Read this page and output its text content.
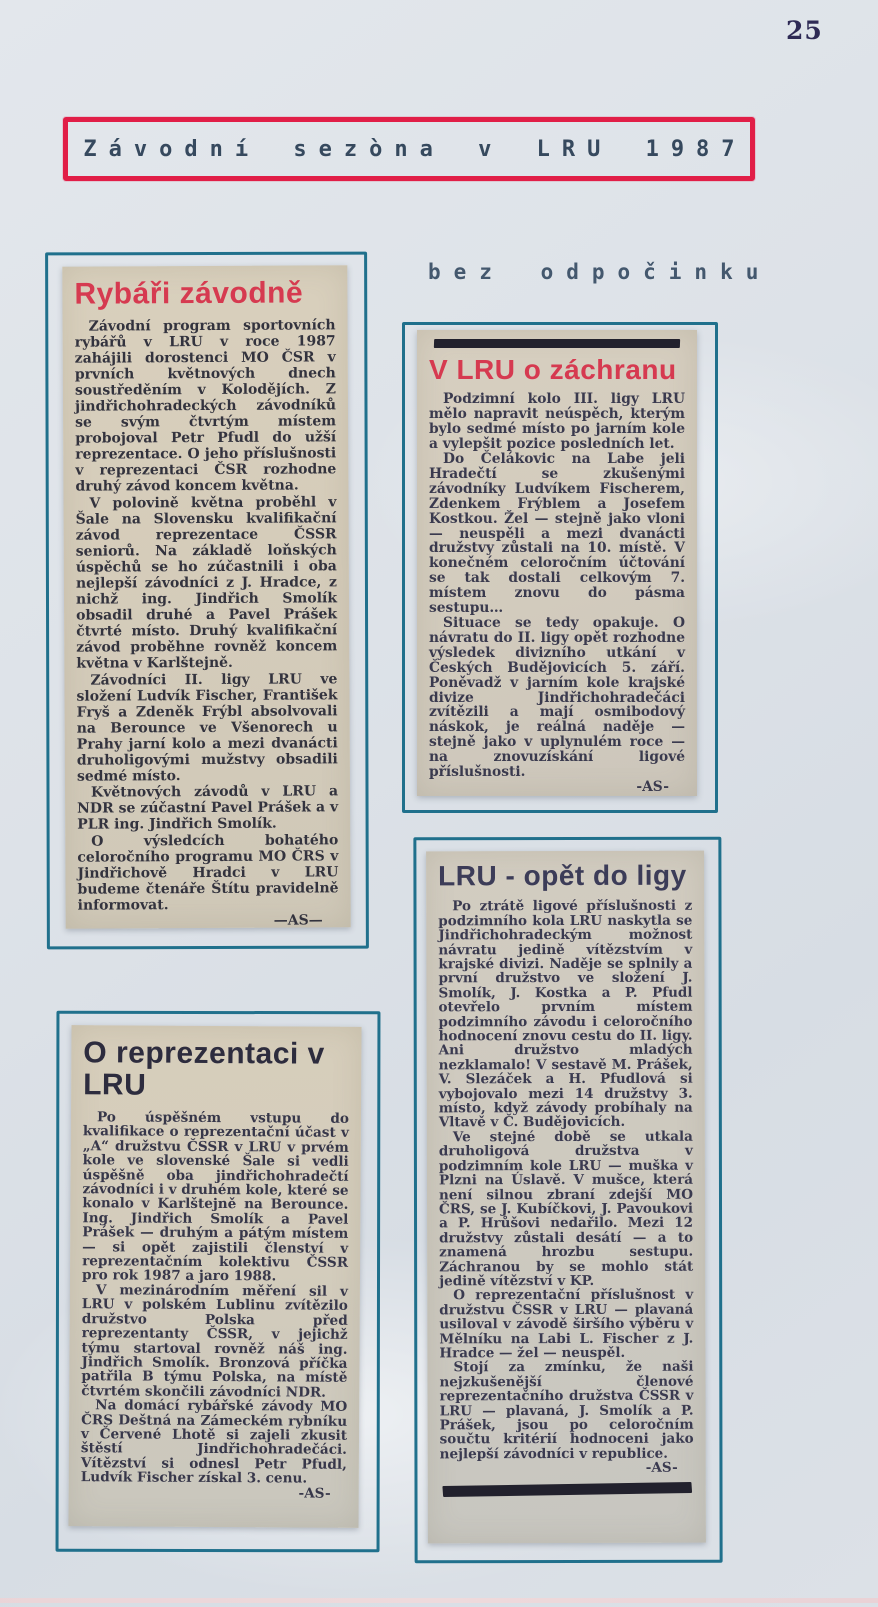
25
Závodní sezòna v LRU 1987
bez odpočinku
Rybáři závodně

Závodní program sportovních rybářů v LRU v roce 1987 zahájili dorostenci MO ČSR v prvních květnových dnech soustředěním v Kolodějích. Z jindřichohradeckých závodníků se svým čtvrtým místem probojoval Petr Pfudl do užší reprezentace. O jeho příslušnosti v reprezentaci ČSR rozhodne druhý závod koncem května.

V polovině května proběhl v Šale na Slovensku kvalifikační závod reprezentace ČSSR seniorů. Na základě loňských úspěchů se ho zúčastnili i oba nejlepší závodníci z J. Hradce, z nichž ing. Jindřich Smolík obsadil druhé a Pavel Prášek čtvrté místo. Druhý kvalifikační závod proběhne rovněž koncem května v Karlštejně.

Závodníci II. ligy LRU ve složení Ludvík Fischer, František Fryš a Zdeněk Frýbl absolvovali na Berounce ve Všenorech u Prahy jarní kolo a mezi dvanácti druholigovými mužstvy obsadili sedmé místo.

Květnových závodů v LRU a NDR se zúčastní Pavel Prášek a v PLR ing. Jindřich Smolík.

O výsledcích bohatého celoročního programu MO ČRS v Jindřichově Hradci v LRU budeme čtenáře Štítu pravidelně informovat.

—AS—
V LRU o záchranu

Podzimní kolo III. ligy LRU mělo napravit neúspěch, kterým bylo sedmé místo po jarním kole a vylepšit pozice posledních let.

Do Čelákovic na Labe jeli Hradečtí se zkušenými závodníky Ludvíkem Fischerem, Zdenkem Frýblem a Josefem Kostkou. Žel — stejně jako vloni — neuspěli a mezi dvanácti družstvy zůstali na 10. místě. V konečném celoročním účtování se tak dostali celkovým 7. místem znovu do pásma sestupu…

Situace se tedy opakuje. O návratu do II. ligy opět rozhodne výsledek divizního utkání v Českých Budějovicích 5. září. Poněvadž v jarním kole krajské divize Jindřichohradečáci zvítězili a mají osmibodový náskok, je reálná naděje — stejně jako v uplynulém roce — na znovuzískání ligové příslušnosti.

-AS-
O reprezentaci v LRU

Po úspěšném vstupu do kvalifikace o reprezentační účast v „A“ družstvu ČSSR v LRU v prvém kole ve slovenské Šale si vedli úspěšně oba jindřichohradečtí závodníci i v druhém kole, které se konalo v Karlštejně na Berounce. Ing. Jindřich Smolík a Pavel Prášek — druhým a pátým místem — si opět zajistili členství v reprezentačním kolektivu ČSSR pro rok 1987 a jaro 1988.

V mezinárodním měření sil v LRU v polském Lublinu zvítězilo družstvo Polska před reprezentanty ČSSR, v jejichž týmu startoval rovněž náš ing. Jindřich Smolík. Bronzová příčka patřila B týmu Polska, na místě čtvrtém skončili závodníci NDR.

Na domácí rybářské závody MO ČRS Deštná na Zámeckém rybníku v Červené Lhotě si zajeli zkusit štěstí Jindřichohradečáci. Vítězství si odnesl Petr Pfudl, Ludvík Fischer získal 3. cenu.

-AS-
LRU - opět do ligy

Po ztrátě ligové příslušnosti z podzimního kola LRU naskytla se Jindřichohradeckým možnost návratu jedině vítězstvím v krajské divizi. Naděje se splnily a první družstvo ve složení J. Smolík, J. Kostka a P. Pfudl otevřelo prvním místem podzimního závodu i celoročního hodnocení znovu cestu do II. ligy. Ani družstvo mladých nezklamalo! V sestavě M. Prášek, V. Slezáček a H. Pfudlová si vybojovalo mezi 14 družstvy 3. místo, když závody probíhaly na Vltavě v Č. Budějovicích.

Ve stejné době se utkala druholigová družstva v podzimním kole LRU — muška v Plzni na Úslavě. V mušce, která není silnou zbraní zdejší MO ČRS, se J. Kubíčkovi, J. Pavoukovi a P. Hrůšovi nedařilo. Mezi 12 družstvy zůstali desátí — a to znamená hrozbu sestupu. Záchranou by se mohlo stát jedině vítězství v KP.

O reprezentační příslušnost v družstvu ČSSR v LRU — plavaná usiloval v závodě širšího výběru v Mělníku na Labi L. Fischer z J. Hradce — žel — neuspěl.

Stojí za zmínku, že naši nejzkušenější členové reprezentačního družstva ČSSR v LRU — plavaná, J. Smolík a P. Prášek, jsou po celoročním součtu kritérií hodnoceni jako nejlepší závodníci v republice.

-AS-
